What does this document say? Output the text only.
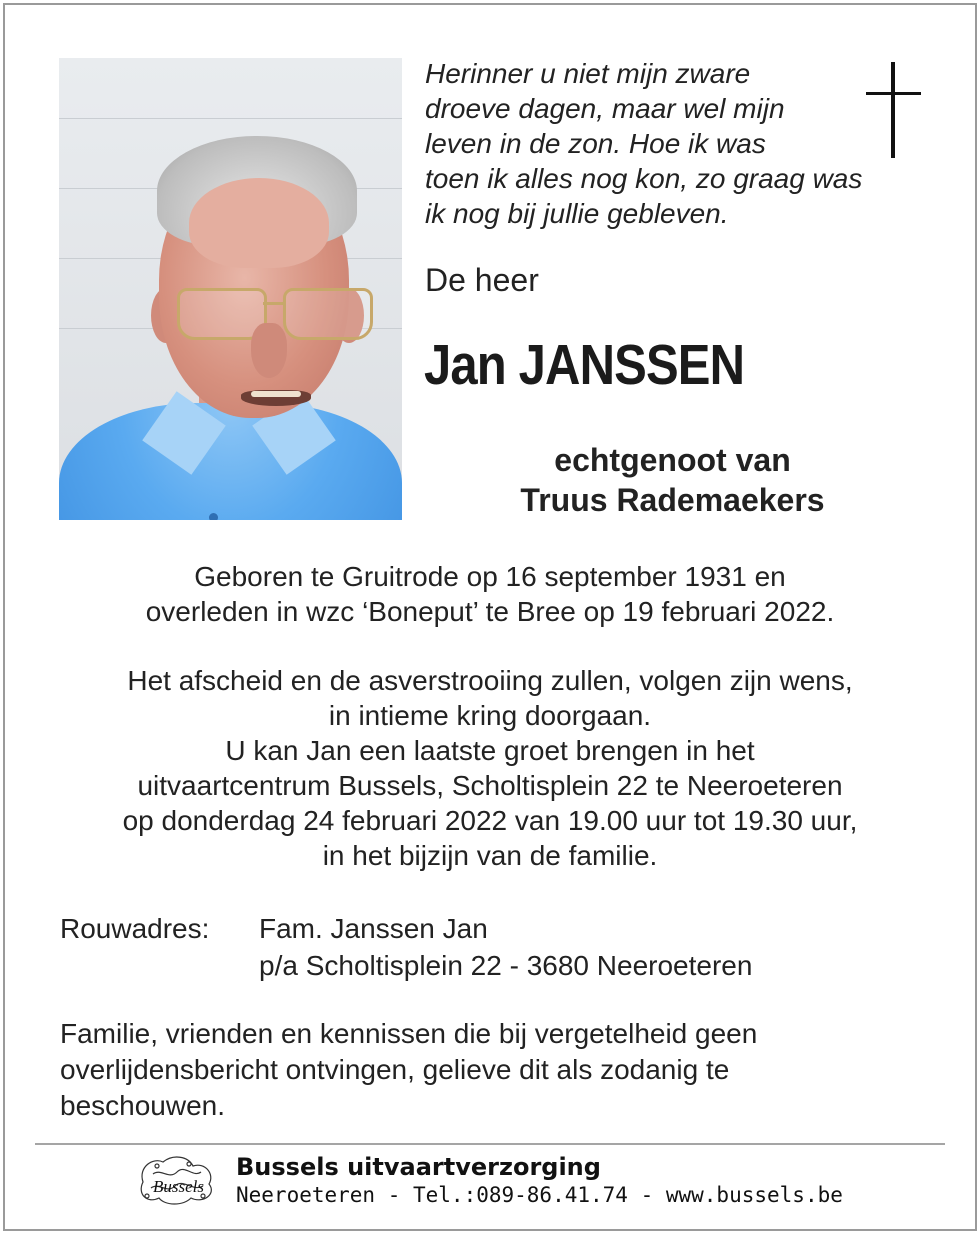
Herinner u niet mijn zware
droeve dagen, maar wel mijn
leven in de zon. Hoe ik was
toen ik alles nog kon, zo graag was
ik nog bij jullie gebleven.
De heer
Jan JANSSEN
echtgenoot van
Truus Rademaekers
Geboren te Gruitrode op 16 september 1931 en
overleden in wzc ‘Boneput’ te Bree op 19 februari 2022.
Het afscheid en de asverstrooiing zullen, volgen zijn wens,
in intieme kring doorgaan.
U kan Jan een laatste groet brengen in het
uitvaartcentrum Bussels, Scholtisplein 22 te Neeroeteren
op donderdag 24 februari 2022 van 19.00 uur tot 19.30 uur,
in het bijzijn van de familie.
Rouwadres: Fam. Janssen Jan
p/a Scholtisplein 22 - 3680 Neeroeteren
Familie, vrienden en kennissen die bij vergetelheid geen
overlijdensbericht ontvingen, gelieve dit als zodanig te
beschouwen.
Bussels
Bussels uitvaartverzorging
Neeroeteren - Tel.:089-86.41.74 - www.bussels.be
